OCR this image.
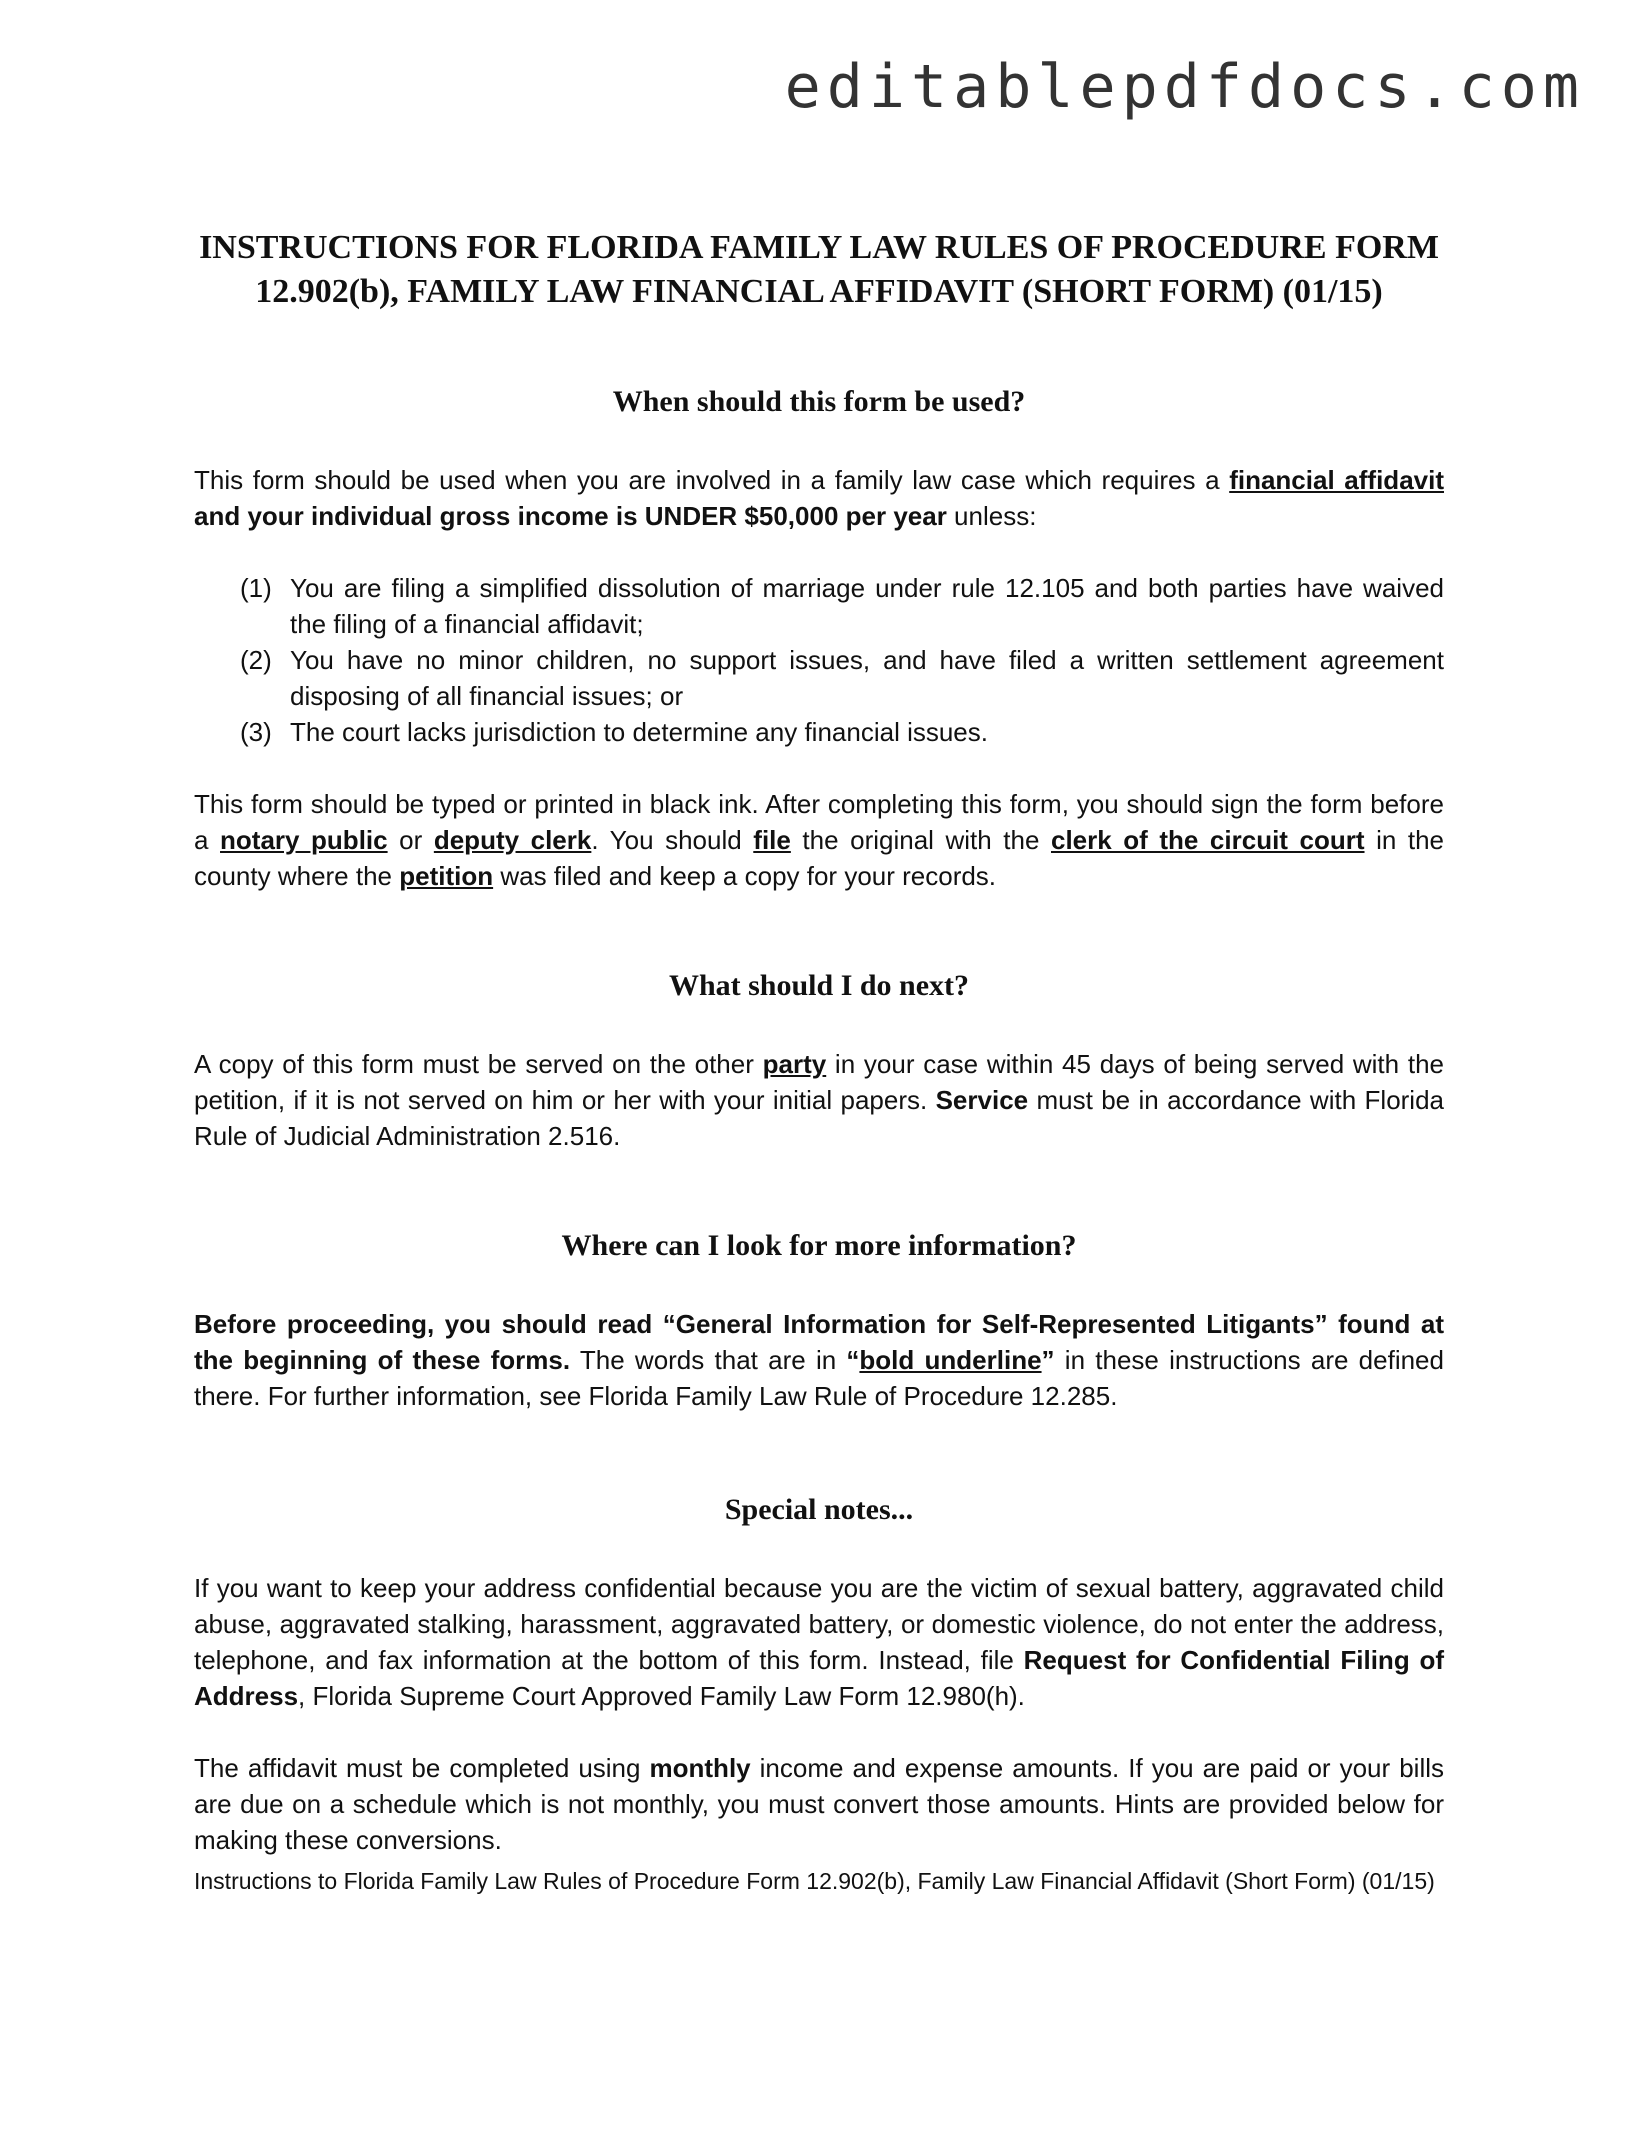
editablepdfdocs.com
INSTRUCTIONS FOR FLORIDA FAMILY LAW RULES OF PROCEDURE FORM
12.902(b), FAMILY LAW FINANCIAL AFFIDAVIT (SHORT FORM) (01/15)
When should this form be used?

This form should be used when you are involved in a family law case which requires a financial affidavit and your individual gross income is UNDER $50,000 per year unless:

(1) You are filing a simplified dissolution of marriage under rule 12.105 and both parties have waived the filing of a financial affidavit;
(2) You have no minor children, no support issues, and have filed a written settlement agreement disposing of all financial issues; or
(3) The court lacks jurisdiction to determine any financial issues.

This form should be typed or printed in black ink. After completing this form, you should sign the form before a notary public or deputy clerk. You should file the original with the clerk of the circuit court in the county where the petition was filed and keep a copy for your records.

What should I do next?

A copy of this form must be served on the other party in your case within 45 days of being served with the petition, if it is not served on him or her with your initial papers. Service must be in accordance with Florida Rule of Judicial Administration 2.516.

Where can I look for more information?

Before proceeding, you should read “General Information for Self-Represented Litigants” found at the beginning of these forms. The words that are in “bold underline” in these instructions are defined there. For further information, see Florida Family Law Rule of Procedure 12.285.

Special notes...

If you want to keep your address confidential because you are the victim of sexual battery, aggravated child abuse, aggravated stalking, harassment, aggravated battery, or domestic violence, do not enter the address, telephone, and fax information at the bottom of this form. Instead, file Request for Confidential Filing of Address, Florida Supreme Court Approved Family Law Form 12.980(h).

The affidavit must be completed using monthly income and expense amounts. If you are paid or your bills are due on a schedule which is not monthly, you must convert those amounts. Hints are provided below for making these conversions.

Instructions to Florida Family Law Rules of Procedure Form 12.902(b), Family Law Financial Affidavit (Short Form) (01/15)
